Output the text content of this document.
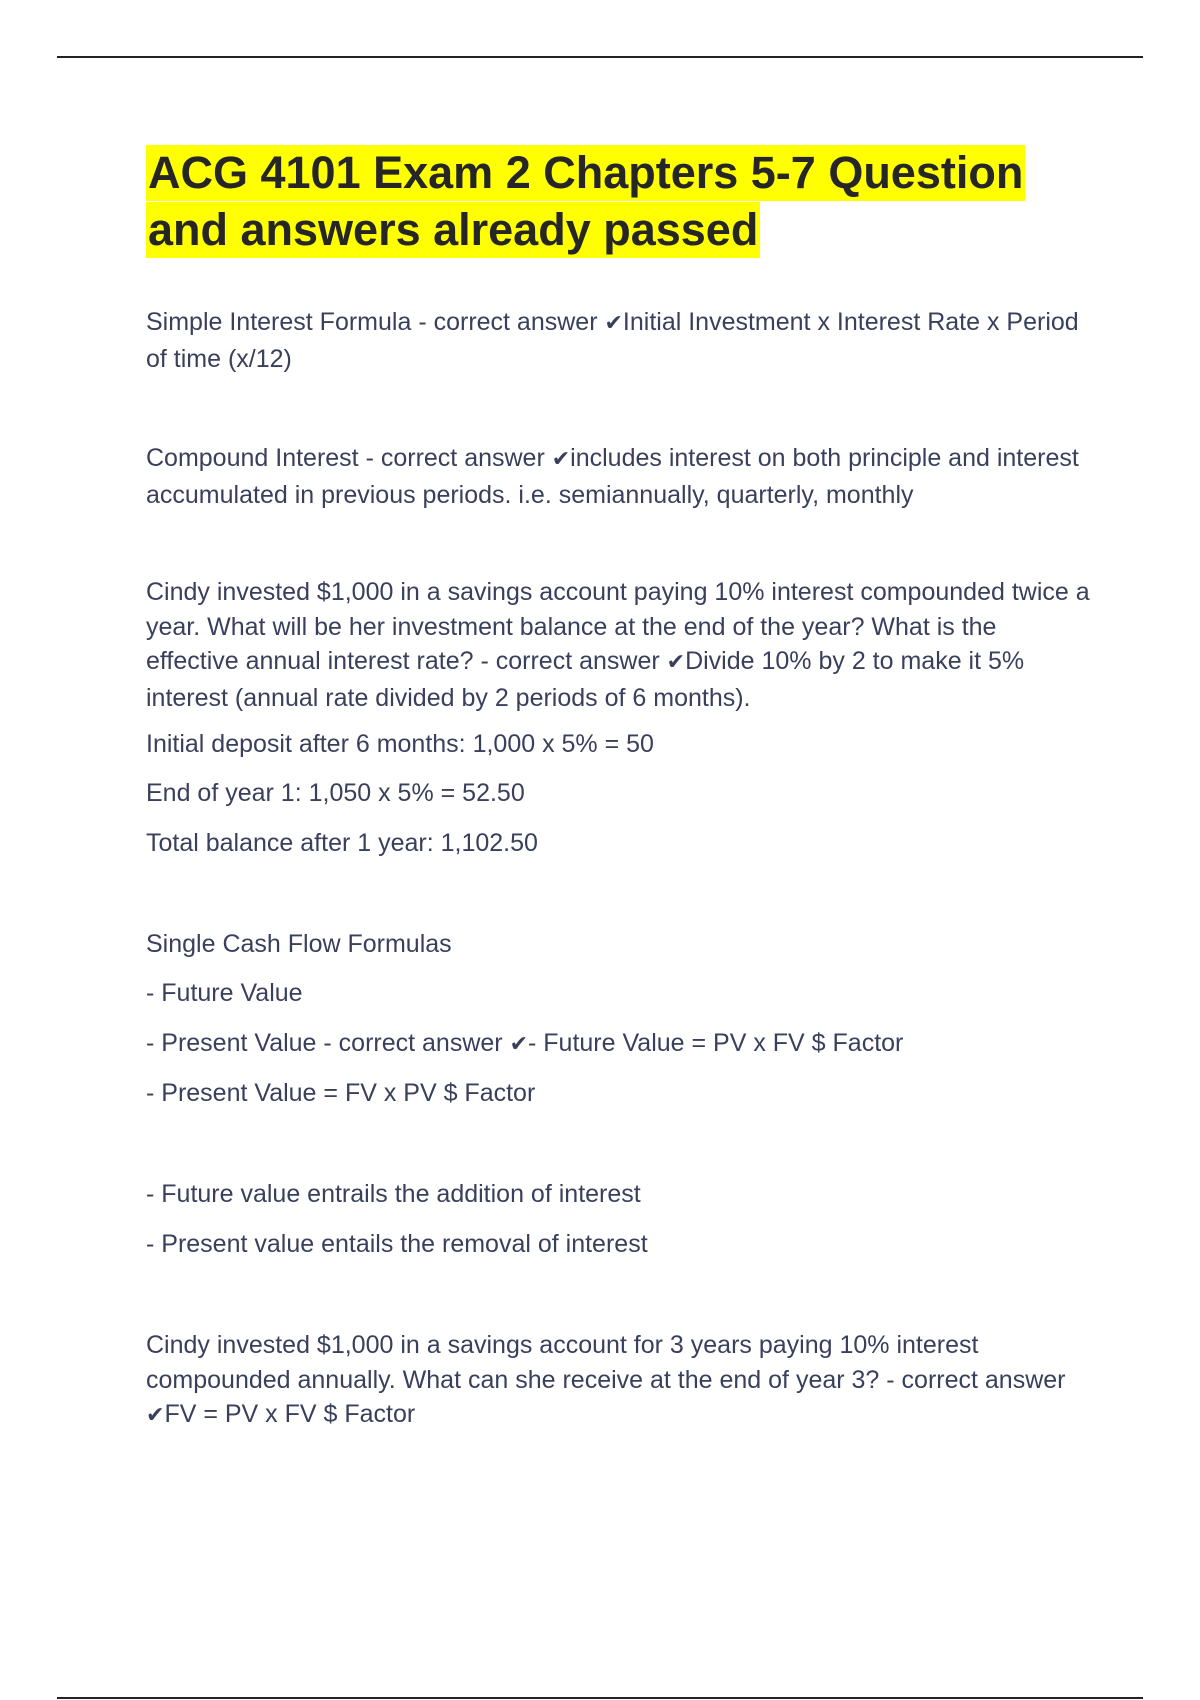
ACG 4101 Exam 2 Chapters 5-7 Question and answers already passed
Simple Interest Formula - correct answer ✔Initial Investment x Interest Rate x Period of time (x/12)
Compound Interest - correct answer ✔includes interest on both principle and interest accumulated in previous periods. i.e. semiannually, quarterly, monthly
Cindy invested $1,000 in a savings account paying 10% interest compounded twice a year. What will be her investment balance at the end of the year? What is the effective annual interest rate? - correct answer ✔Divide 10% by 2 to make it 5% interest (annual rate divided by 2 periods of 6 months).
Initial deposit after 6 months: 1,000 x 5% = 50
End of year 1: 1,050 x 5% = 52.50
Total balance after 1 year: 1,102.50
Single Cash Flow Formulas
- Future Value
- Present Value - correct answer ✔- Future Value = PV x FV $ Factor
- Present Value = FV x PV $ Factor
- Future value entrails the addition of interest
- Present value entails the removal of interest
Cindy invested $1,000 in a savings account for 3 years paying 10% interest compounded annually. What can she receive at the end of year 3? - correct answer ✔FV = PV x FV $ Factor
